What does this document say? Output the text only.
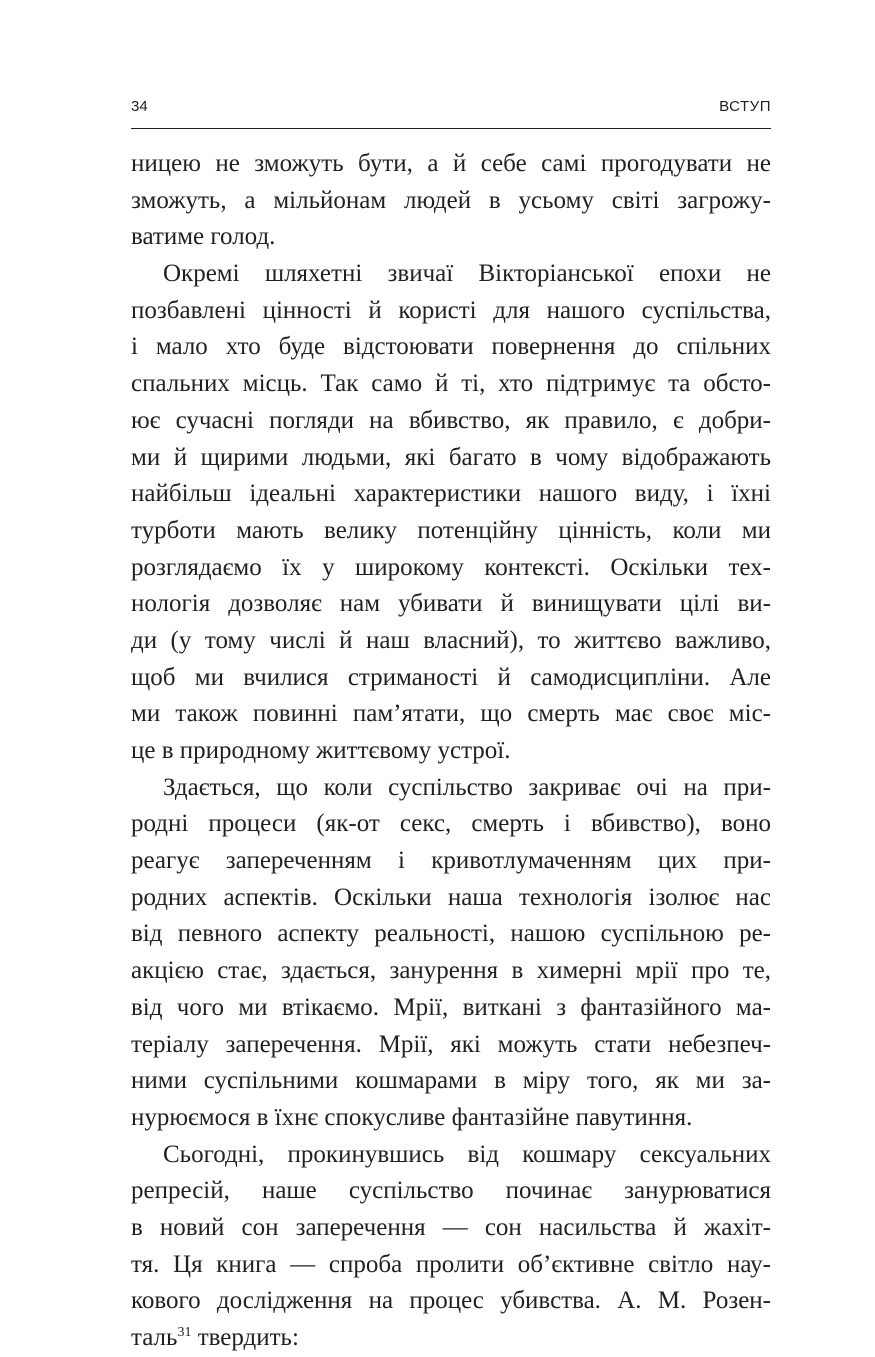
34	ВСТУП
ницею не зможуть бути, а й себе самі прогодувати не
зможуть, а мільйонам людей в усьому світі загрожу-
ватиме голод.
Окремі шляхетні звичаї Вікторіанської епохи не
позбавлені цінності й користі для нашого суспільства,
і мало хто буде відстоювати повернення до спільних
спальних місць. Так само й ті, хто підтримує та обсто-
ює сучасні погляди на вбивство, як правило, є добри-
ми й щирими людьми, які багато в чому відображають
найбільш ідеальні характеристики нашого виду, і їхні
турботи мають велику потенційну цінність, коли ми
розглядаємо їх у широкому контексті. Оскільки тех-
нологія дозволяє нам убивати й винищувати цілі ви-
ди (у тому числі й наш власний), то життєво важливо,
щоб ми вчилися стриманості й самодисципліни. Але
ми також повинні пам’ятати, що смерть має своє міс-
це в природному життєвому устрої.
Здається, що коли суспільство закриває очі на при-
родні процеси (як-от секс, смерть і вбивство), воно
реагує запереченням і кривотлумаченням цих при-
родних аспектів. Оскільки наша технологія ізолює нас
від певного аспекту реальності, нашою суспільною ре-
акцією стає, здається, занурення в химерні мрії про те,
від чого ми втікаємо. Мрії, виткані з фантазійного ма-
теріалу заперечення. Мрії, які можуть стати небезпеч-
ними суспільними кошмарами в міру того, як ми за-
нурюємося в їхнє спокусливе фантазійне павутиння.
Сьогодні, прокинувшись від кошмару сексуальних
репресій, наше суспільство починає занурюватися
в новий сон заперечення — сон насильства й жахіт-
тя. Ця книга — спроба пролити об’єктивне світло нау-
кового дослідження на процес убивства. А. М. Розен-
таль$^{31}$ твердить:
